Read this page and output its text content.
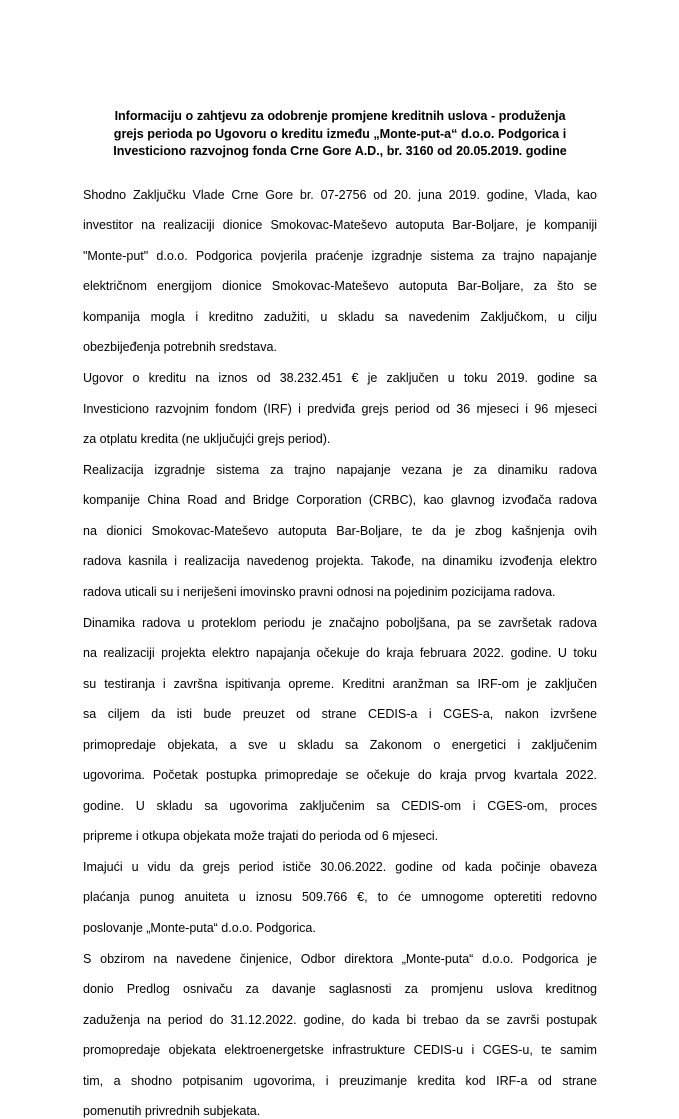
Informaciju o zahtjevu za odobrenje promjene kreditnih uslova - produženja
grejs perioda po Ugovoru o kreditu između „Monte-put-a“ d.o.o. Podgorica i
Investiciono razvojnog fonda Crne Gore A.D., br. 3160 od 20.05.2019. godine

Shodno Zaključku Vlade Crne Gore br. 07-2756 od 20. juna 2019. godine, Vlada, kao
investitor na realizaciji dionice Smokovac-Mateševo autoputa Bar-Boljare, je kompaniji
"Monte-put" d.o.o. Podgorica povjerila praćenje izgradnje sistema za trajno napajanje
električnom energijom dionice Smokovac-Mateševo autoputa Bar-Boljare, za što se
kompanija mogla i kreditno zadužiti, u skladu sa navedenim Zaključkom, u cilju
obezbijeđenja potrebnih sredstava.

Ugovor o kreditu na iznos od 38.232.451 € je zaključen u toku 2019. godine sa
Investiciono razvojnim fondom (IRF) i predviđa grejs period od 36 mjeseci i 96 mjeseci
za otplatu kredita (ne uključujći grejs period).

Realizacija izgradnje sistema za trajno napajanje vezana je za dinamiku radova
kompanije China Road and Bridge Corporation (CRBC), kao glavnog izvođača radova
na dionici Smokovac-Mateševo autoputa Bar-Boljare, te da je zbog kašnjenja ovih
radova kasnila i realizacija navedenog projekta. Takođe, na dinamiku izvođenja elektro
radova uticali su i neriješeni imovinsko pravni odnosi na pojedinim pozicijama radova.

Dinamika radova u proteklom periodu je značajno poboljšana, pa se završetak radova
na realizaciji projekta elektro napajanja očekuje do kraja februara 2022. godine. U toku
su testiranja i završna ispitivanja opreme. Kreditni aranžman sa IRF-om je zaključen
sa ciljem da isti bude preuzet od strane CEDIS-a i CGES-a, nakon izvršene
primopredaje objekata, a sve u skladu sa Zakonom o energetici i zaključenim
ugovorima. Početak postupka primopredaje se očekuje do kraja prvog kvartala 2022.
godine. U skladu sa ugovorima zaključenim sa CEDIS-om i CGES-om, proces
pripreme i otkupa objekata može trajati do perioda od 6 mjeseci.

Imajući u vidu da grejs period ističe 30.06.2022. godine od kada počinje obaveza
plaćanja punog anuiteta u iznosu 509.766 €, to će umnogome opteretiti redovno
poslovanje „Monte-puta“ d.o.o. Podgorica.

S obzirom na navedene činjenice, Odbor direktora „Monte-puta“ d.o.o. Podgorica je
donio Predlog osnivaču za davanje saglasnosti za promjenu uslova kreditnog
zaduženja na period do 31.12.2022. godine, do kada bi trebao da se završi postupak
promopredaje objekata elektroenergetske infrastrukture CEDIS-u i CGES-u, te samim
tim, a shodno potpisanim ugovorima, i preuzimanje kredita kod IRF-a od strane
pomenutih privrednih subjekata.
